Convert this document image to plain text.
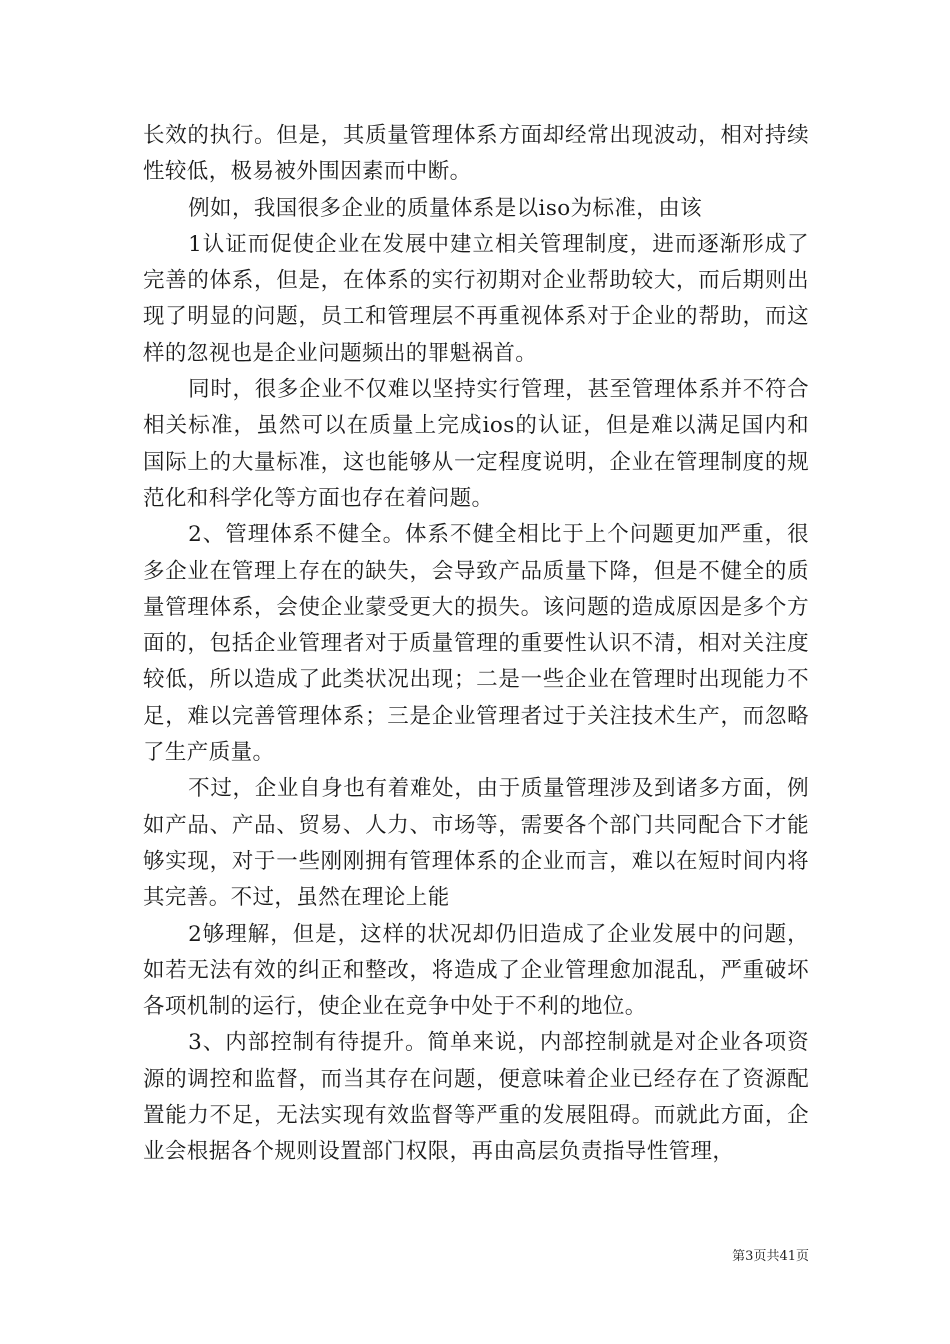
长效的执行。但是，其质量管理体系方面却经常出现波动，相对持续性较低，极易被外围因素而中断。

例如，我国很多企业的质量体系是以iso为标准，由该

1认证而促使企业在发展中建立相关管理制度，进而逐渐形成了完善的体系，但是，在体系的实行初期对企业帮助较大，而后期则出现了明显的问题，员工和管理层不再重视体系对于企业的帮助，而这样的忽视也是企业问题频出的罪魁祸首。

同时，很多企业不仅难以坚持实行管理，甚至管理体系并不符合相关标准，虽然可以在质量上完成ios的认证，但是难以满足国内和国际上的大量标准，这也能够从一定程度说明，企业在管理制度的规范化和科学化等方面也存在着问题。

2、管理体系不健全。体系不健全相比于上个问题更加严重，很多企业在管理上存在的缺失，会导致产品质量下降，但是不健全的质量管理体系，会使企业蒙受更大的损失。该问题的造成原因是多个方面的，包括企业管理者对于质量管理的重要性认识不清，相对关注度较低，所以造成了此类状况出现；二是一些企业在管理时出现能力不足，难以完善管理体系；三是企业管理者过于关注技术生产，而忽略了生产质量。

不过，企业自身也有着难处，由于质量管理涉及到诸多方面，例如产品、产品、贸易、人力、市场等，需要各个部门共同配合下才能够实现，对于一些刚刚拥有管理体系的企业而言，难以在短时间内将其完善。不过，虽然在理论上能

2够理解，但是，这样的状况却仍旧造成了企业发展中的问题，如若无法有效的纠正和整改，将造成了企业管理愈加混乱，严重破坏各项机制的运行，使企业在竞争中处于不利的地位。

3、内部控制有待提升。简单来说，内部控制就是对企业各项资源的调控和监督，而当其存在问题，便意味着企业已经存在了资源配置能力不足，无法实现有效监督等严重的发展阻碍。而就此方面，企业会根据各个规则设置部门权限，再由高层负责指导性管理，

第3页共41页
